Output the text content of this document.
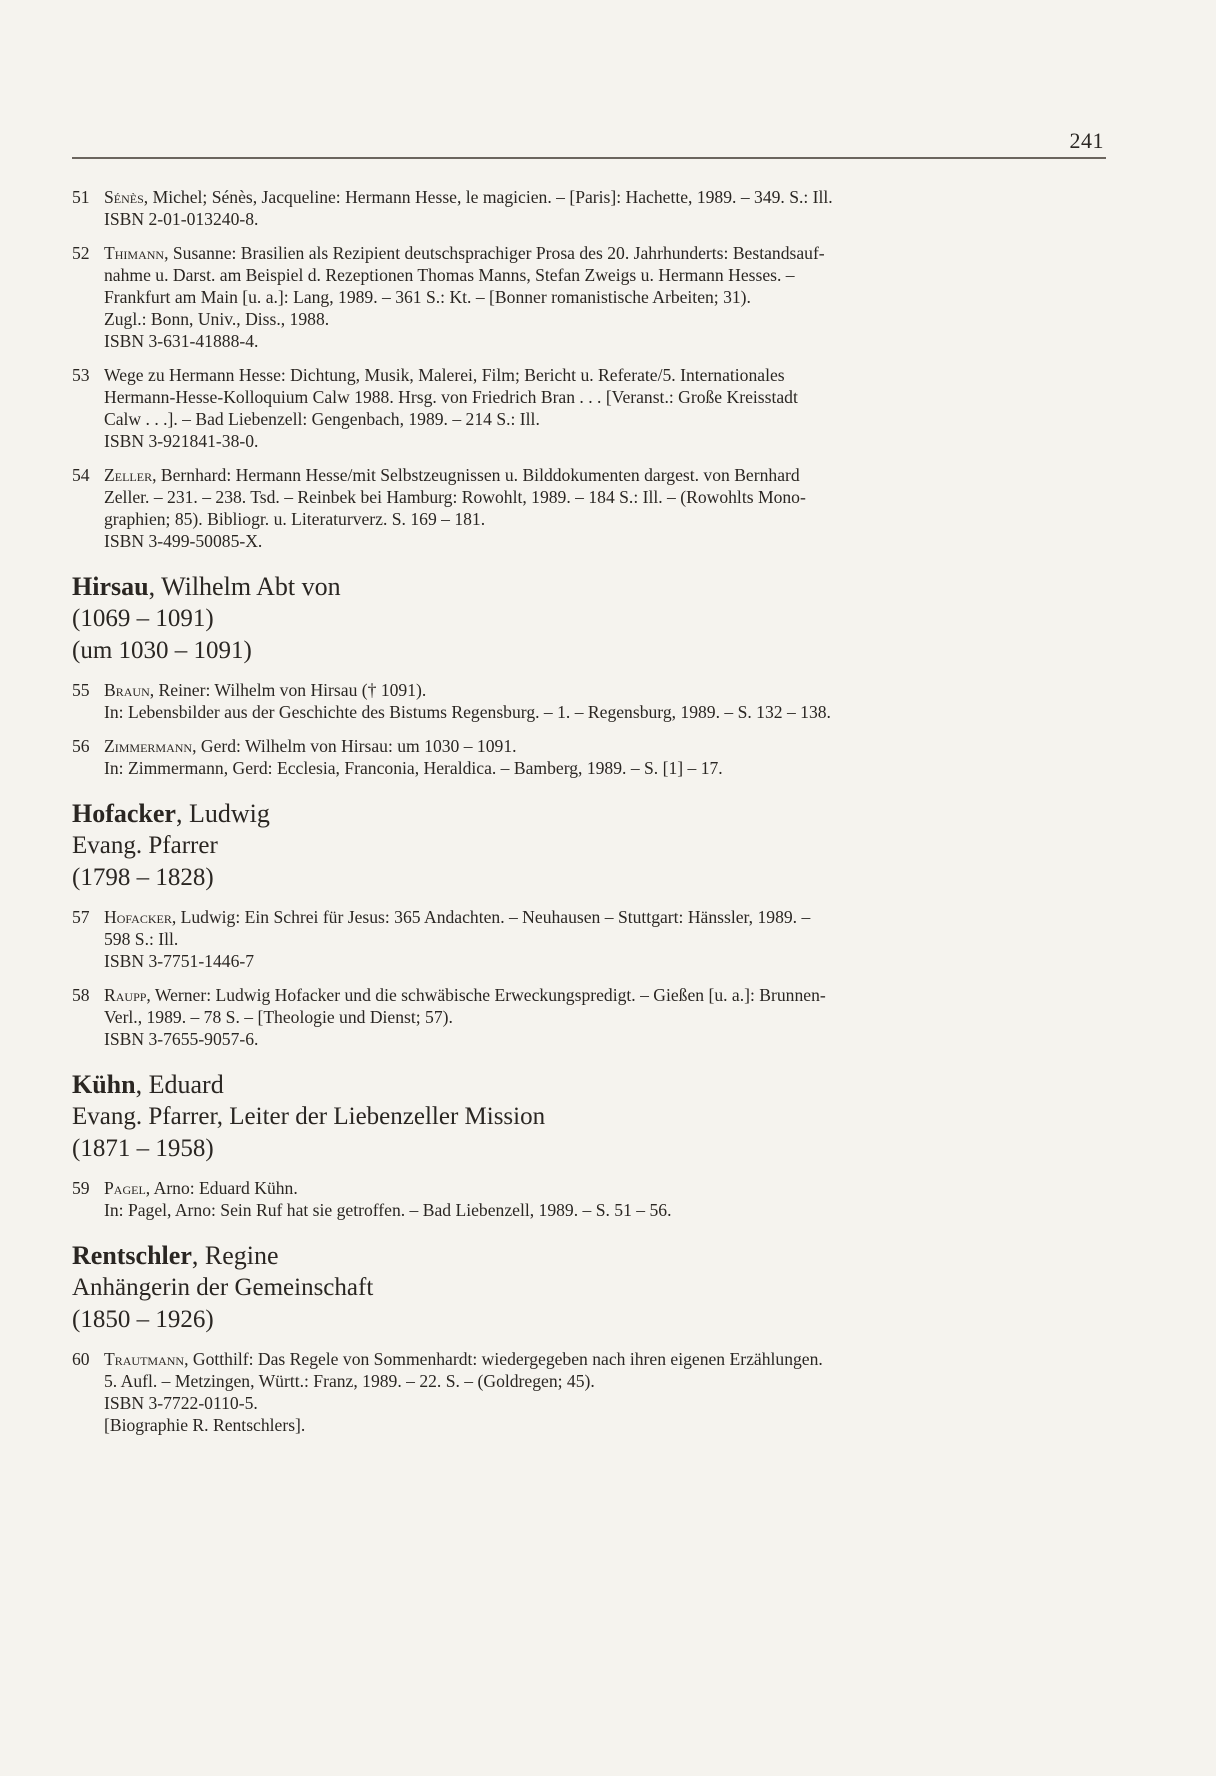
241
51 Sénès, Michel; Sénès, Jacqueline: Hermann Hesse, le magicien. – [Paris]: Hachette, 1989. – 349. S.: Ill.
ISBN 2-01-013240-8.
52 Thimann, Susanne: Brasilien als Rezipient deutschsprachiger Prosa des 20. Jahrhunderts: Bestandsauf-
nahme u. Darst. am Beispiel d. Rezeptionen Thomas Manns, Stefan Zweigs u. Hermann Hesses. –
Frankfurt am Main [u. a.]: Lang, 1989. – 361 S.: Kt. – [Bonner romanistische Arbeiten; 31).
Zugl.: Bonn, Univ., Diss., 1988.
ISBN 3-631-41888-4.
53 Wege zu Hermann Hesse: Dichtung, Musik, Malerei, Film; Bericht u. Referate/5. Internationales
Hermann-Hesse-Kolloquium Calw 1988. Hrsg. von Friedrich Bran . . . [Veranst.: Große Kreisstadt
Calw . . .]. – Bad Liebenzell: Gengenbach, 1989. – 214 S.: Ill.
ISBN 3-921841-38-0.
54 Zeller, Bernhard: Hermann Hesse/mit Selbstzeugnissen u. Bilddokumenten dargest. von Bernhard
Zeller. – 231. – 238. Tsd. – Reinbek bei Hamburg: Rowohlt, 1989. – 184 S.: Ill. – (Rowohlts Mono-
graphien; 85). Bibliogr. u. Literaturverz. S. 169 – 181.
ISBN 3-499-50085-X.
Hirsau, Wilhelm Abt von
(1069 – 1091)
(um 1030 – 1091)
55 Braun, Reiner: Wilhelm von Hirsau († 1091).
In: Lebensbilder aus der Geschichte des Bistums Regensburg. – 1. – Regensburg, 1989. – S. 132 – 138.
56 Zimmermann, Gerd: Wilhelm von Hirsau: um 1030 – 1091.
In: Zimmermann, Gerd: Ecclesia, Franconia, Heraldica. – Bamberg, 1989. – S. [1] – 17.
Hofacker, Ludwig
Evang. Pfarrer
(1798 – 1828)
57 Hofacker, Ludwig: Ein Schrei für Jesus: 365 Andachten. – Neuhausen – Stuttgart: Hänssler, 1989. –
598 S.: Ill.
ISBN 3-7751-1446-7
58 Raupp, Werner: Ludwig Hofacker und die schwäbische Erweckungspredigt. – Gießen [u. a.]: Brunnen-
Verl., 1989. – 78 S. – [Theologie und Dienst; 57).
ISBN 3-7655-9057-6.
Kühn, Eduard
Evang. Pfarrer, Leiter der Liebenzeller Mission
(1871 – 1958)
59 Pagel, Arno: Eduard Kühn.
In: Pagel, Arno: Sein Ruf hat sie getroffen. – Bad Liebenzell, 1989. – S. 51 – 56.
Rentschler, Regine
Anhängerin der Gemeinschaft
(1850 – 1926)
60 Trautmann, Gotthilf: Das Regele von Sommenhardt: wiedergegeben nach ihren eigenen Erzählungen.
5. Aufl. – Metzingen, Württ.: Franz, 1989. – 22. S. – (Goldregen; 45).
ISBN 3-7722-0110-5.
[Biographie R. Rentschlers].
